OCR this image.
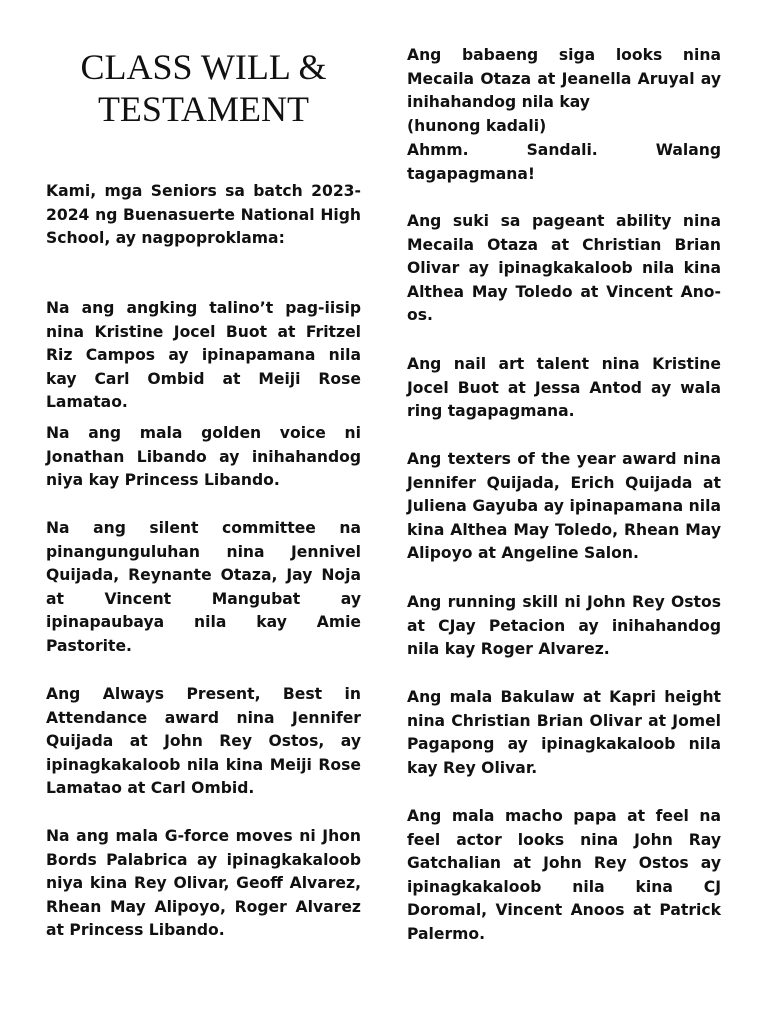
CLASS WILL &
TESTAMENT

Kami, mga Seniors sa batch 2023-2024 ng Buenasuerte National High School, ay nagpoproklama:

Na ang angking talino’t pag-iisip nina Kristine Jocel Buot at Fritzel Riz Campos ay ipinapamana nila kay Carl Ombid at Meiji Rose Lamatao.

Na ang mala golden voice ni Jonathan Libando ay inihahandog niya kay Princess Libando.

Na ang silent committee na pinangunguluhan nina Jennivel Quijada, Reynante Otaza, Jay Noja at Vincent Mangubat ay ipinapaubaya nila kay Amie Pastorite.

Ang Always Present, Best in Attendance award nina Jennifer Quijada at John Rey Ostos, ay ipinagkakaloob nila kina Meiji Rose Lamatao at Carl Ombid.

Na ang mala G-force moves ni Jhon Bords Palabrica ay ipinagkakaloob niya kina Rey Olivar, Geoff Alvarez, Rhean May Alipoyo, Roger Alvarez at Princess Libando.

Ang babaeng siga looks nina Mecaila Otaza at Jeanella Aruyal ay inihahandog nila kay

(hunong kadali)

Ahmm. Sandali. Walang tagapagmana!

Ang suki sa pageant ability nina Mecaila Otaza at Christian Brian Olivar ay ipinagkakaloob nila kina Althea May Toledo at Vincent Ano-os.

Ang nail art talent nina Kristine Jocel Buot at Jessa Antod ay wala ring tagapagmana.

Ang texters of the year award nina Jennifer Quijada, Erich Quijada at Juliena Gayuba ay ipinapamana nila kina Althea May Toledo, Rhean May Alipoyo at Angeline Salon.

Ang running skill ni John Rey Ostos at CJay Petacion ay inihahandog nila kay Roger Alvarez.

Ang mala Bakulaw at Kapri height nina Christian Brian Olivar at Jomel Pagapong ay ipinagkakaloob nila kay Rey Olivar.

Ang mala macho papa at feel na feel actor looks nina John Ray Gatchalian at John Rey Ostos ay ipinagkakaloob nila kina CJ Doromal, Vincent Anoos at Patrick Palermo.
